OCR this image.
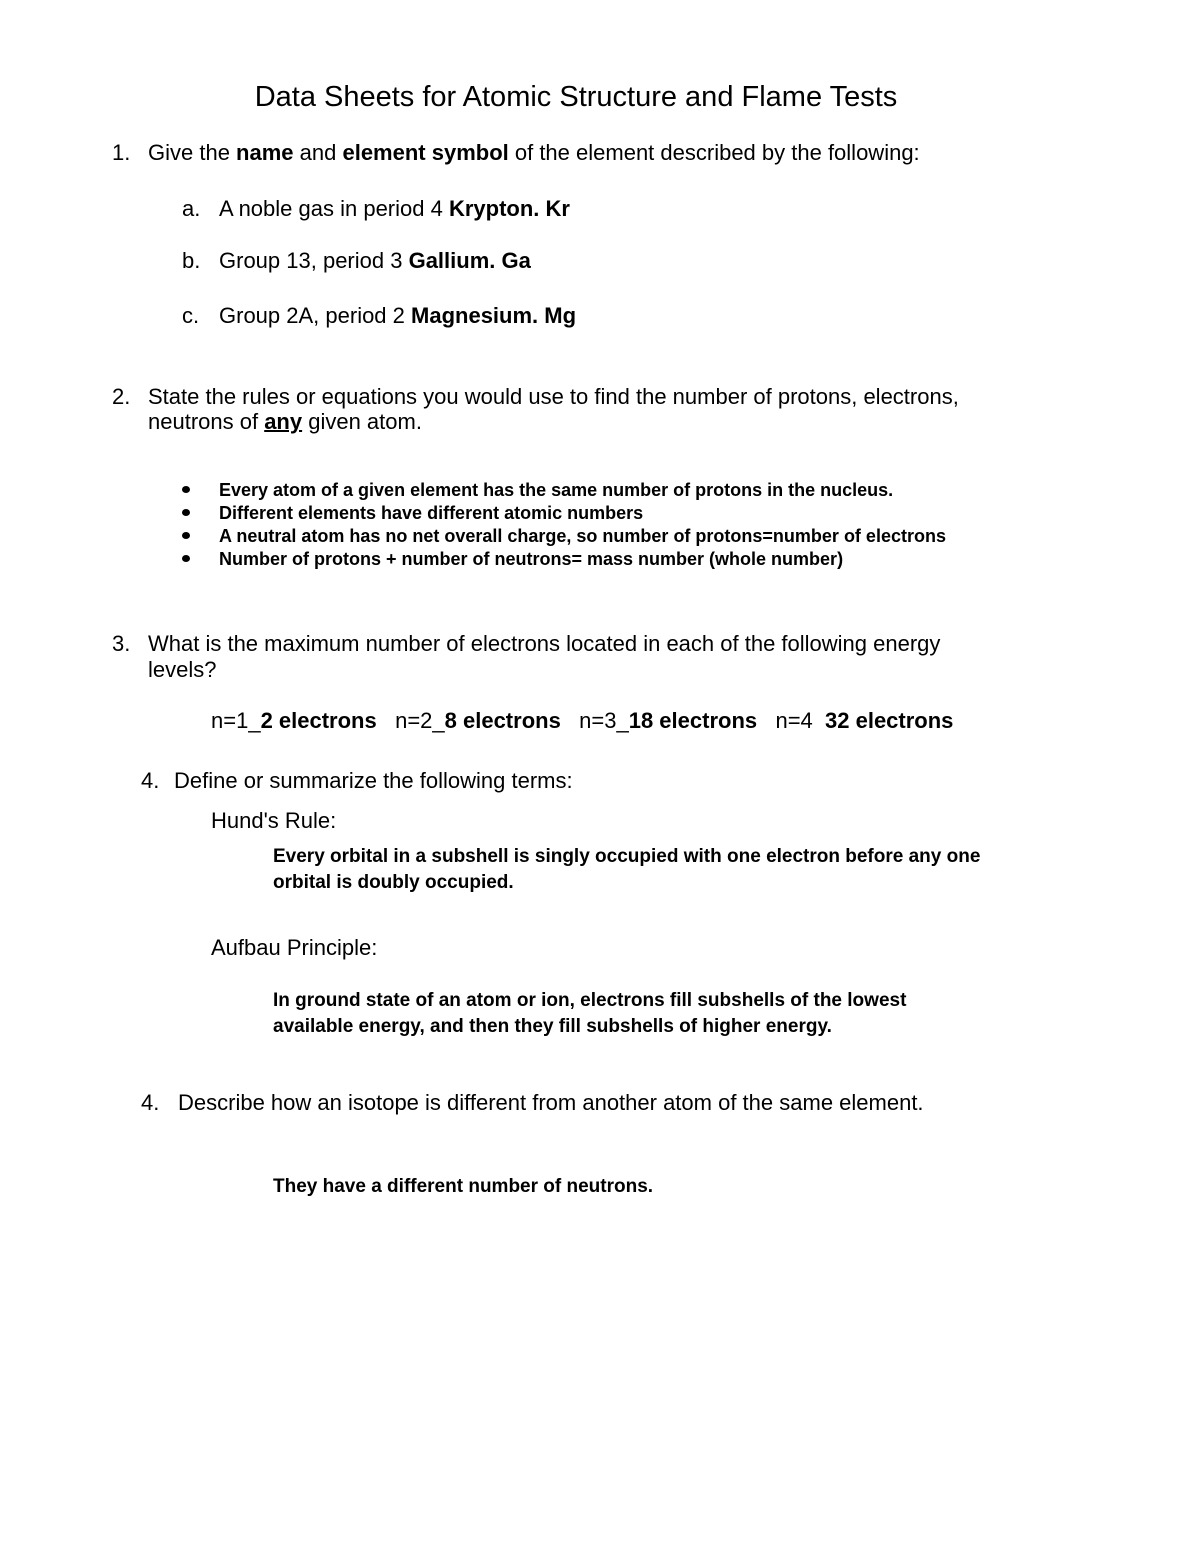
Data Sheets for Atomic Structure and Flame Tests
1. Give the name and element symbol of the element described by the following:
a. A noble gas in period 4 Krypton. Kr
b. Group 13, period 3 Gallium. Ga
c. Group 2A, period 2 Magnesium. Mg
2. State the rules or equations you would use to find the number of protons, electrons,
neutrons of any given atom.
Every atom of a given element has the same number of protons in the nucleus.
Different elements have different atomic numbers
A neutral atom has no net overall charge, so number of protons=number of electrons
Number of protons + number of neutrons= mass number (whole number)
3. What is the maximum number of electrons located in each of the following energy
levels?
n=1_2 electrons n=2_8 electrons n=3_18 electrons n=4  32 electrons
4. Define or summarize the following terms:
Hund's Rule:
Every orbital in a subshell is singly occupied with one electron before any one
orbital is doubly occupied.
Aufbau Principle:
In ground state of an atom or ion, electrons fill subshells of the lowest
available energy, and then they fill subshells of higher energy.
4. Describe how an isotope is different from another atom of the same element.
They have a different number of neutrons.
